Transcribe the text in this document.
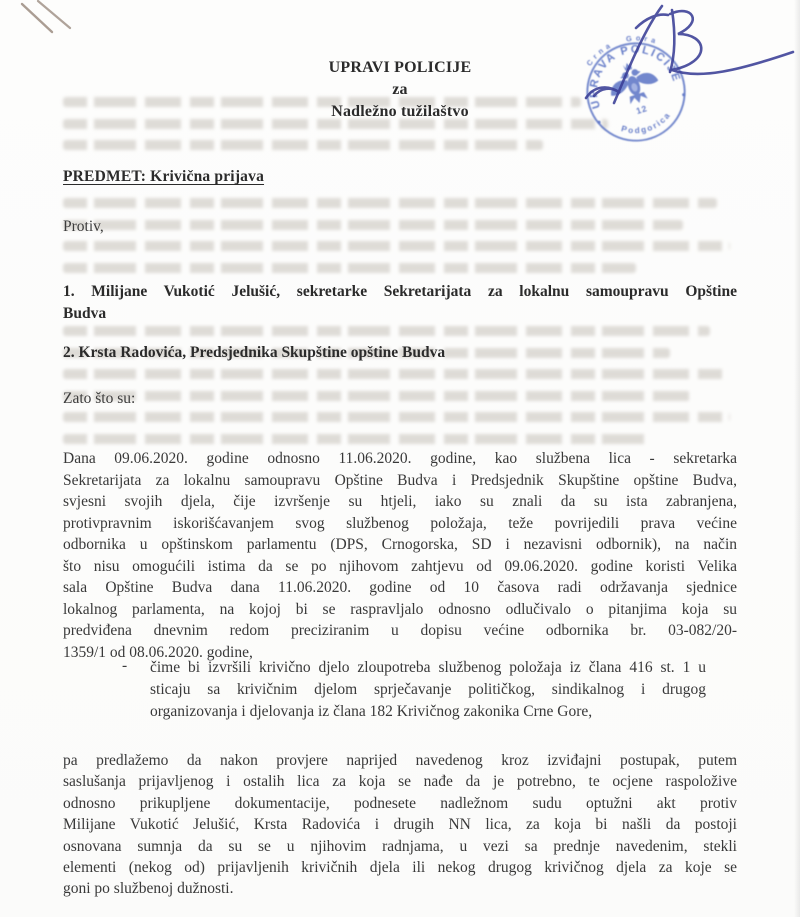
Crna Gora
UPRAVA POLICIJE
Podgorica
12
UPRAVI POLICIJE
za
Nadležno tužilaštvo
PREDMET: Krivična prijava
Protiv,
1. Milijane Vukotić Jelušić, sekretarke Sekretarijata za lokalnu samoupravu Opštine
Budva
2. Krsta Radovića, Predsjednika Skupštine opštine Budva
Zato što su:
Dana 09.06.2020. godine odnosno 11.06.2020. godine, kao službena lica - sekretarka
Sekretarijata za lokalnu samoupravu Opštine Budva i Predsjednik Skupštine opštine Budva,
svjesni svojih djela, čije izvršenje su htjeli, iako su znali da su ista zabranjena,
protivpravnim iskorišćavanjem svog službenog položaja, teže povrijedili prava većine
odbornika u opštinskom parlamentu (DPS, Crnogorska, SD i nezavisni odbornik), na način
što nisu omogućili istima da se po njihovom zahtjevu od 09.06.2020. godine koristi Velika
sala Opštine Budva dana 11.06.2020. godine od 10 časova radi održavanja sjednice
lokalnog parlamenta, na kojoj bi se raspravljalo odnosno odlučivalo o pitanjima koja su
predviđena dnevnim redom preciziranim u dopisu većine odbornika br. 03-082/20-
1359/1 od 08.06.2020. godine,
- čime bi izvršili krivično djelo zloupotreba službenog položaja iz člana 416 st. 1 u
sticaju sa krivičnim djelom sprječavanje političkog, sindikalnog i drugog
organizovanja i djelovanja iz člana 182 Krivičnog zakonika Crne Gore,
pa predlažemo da nakon provjere naprijed navedenog kroz izviđajni postupak, putem
saslušanja prijavljenog i ostalih lica za koja se nađe da je potrebno, te ocjene raspoložive
odnosno prikupljene dokumentacije, podnesete nadležnom sudu optužni akt protiv
Milijane Vukotić Jelušić, Krsta Radovića i drugih NN lica, za koja bi našli da postoji
osnovana sumnja da su se u njihovim radnjama, u vezi sa prednje navedenim, stekli
elementi (nekog od) prijavljenih krivičnih djela ili nekog drugog krivičnog djela za koje se
goni po službenoj dužnosti.
